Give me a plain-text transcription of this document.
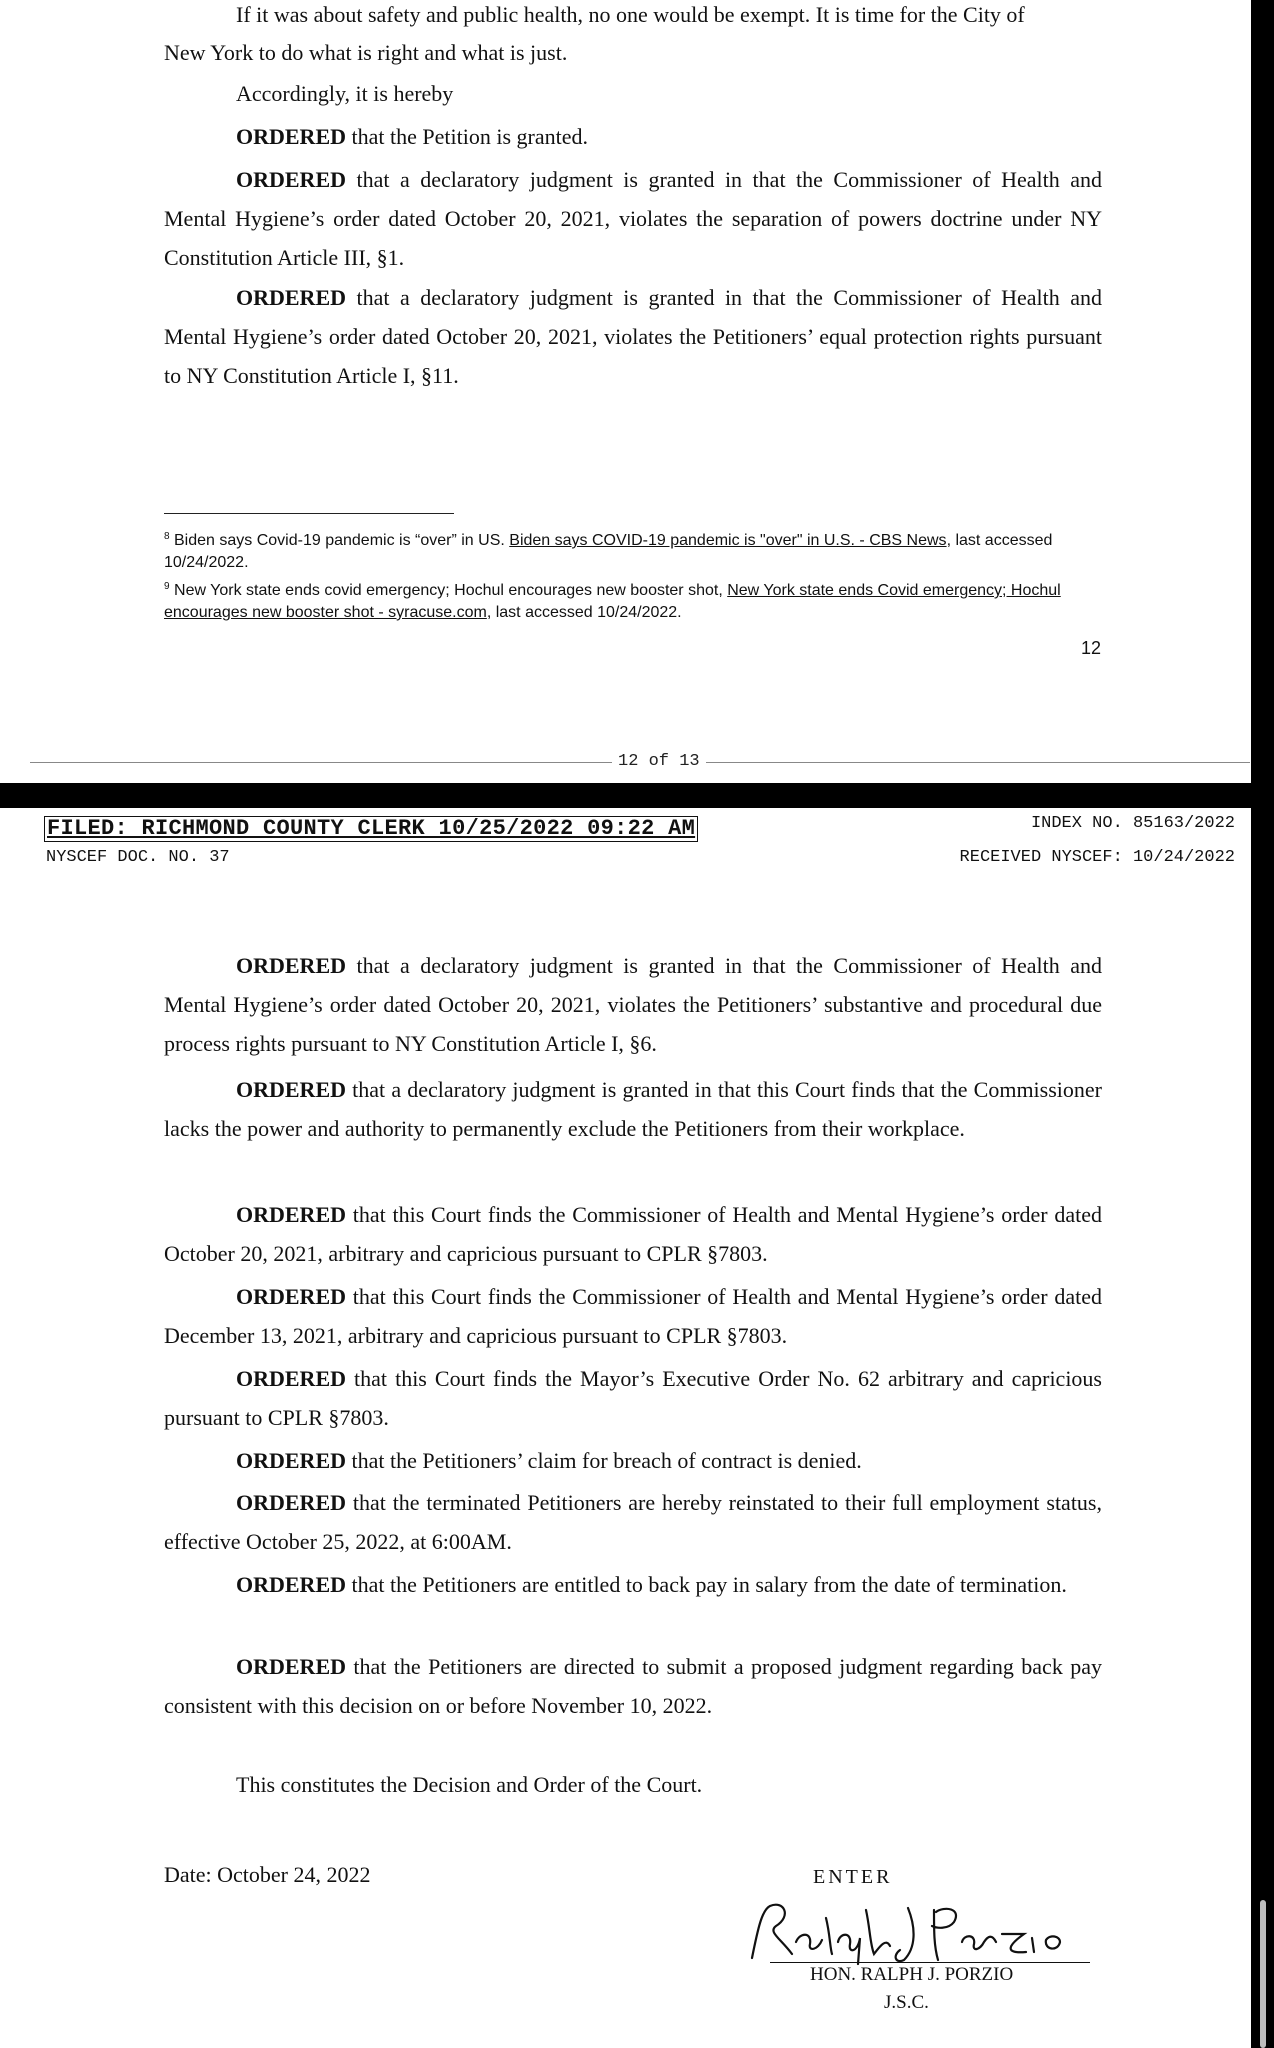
If it was about safety and public health, no one would be exempt. It is time for the City of

New York to do what is right and what is just.

Accordingly, it is hereby

ORDERED that the Petition is granted.

ORDERED that a declaratory judgment is granted in that the Commissioner of Health and Mental Hygiene’s order dated October 20, 2021, violates the separation of powers doctrine under NY Constitution Article III, §1.

ORDERED that a declaratory judgment is granted in that the Commissioner of Health and Mental Hygiene’s order dated October 20, 2021, violates the Petitioners’ equal protection rights pursuant to NY Constitution Article I, §11.

$^8$ Biden says Covid-19 pandemic is “over” in US. Biden says COVID-19 pandemic is "over" in U.S. - CBS News, last accessed 10/24/2022.

$^9$ New York state ends covid emergency; Hochul encourages new booster shot, New York state ends Covid emergency; Hochul encourages new booster shot - syracuse.com, last accessed 10/24/2022.

12
12 of 13
FILED: RICHMOND COUNTY CLERK 10/25/2022 09:22 AM	INDEX NO. 85163/2022
NYSCEF DOC. NO. 37	RECEIVED NYSCEF: 10/24/2022

ORDERED that a declaratory judgment is granted in that the Commissioner of Health and Mental Hygiene’s order dated October 20, 2021, violates the Petitioners’ substantive and procedural due process rights pursuant to NY Constitution Article I, §6.

ORDERED that a declaratory judgment is granted in that this Court finds that the Commissioner lacks the power and authority to permanently exclude the Petitioners from their workplace.

ORDERED that this Court finds the Commissioner of Health and Mental Hygiene’s order dated October 20, 2021, arbitrary and capricious pursuant to CPLR §7803.

ORDERED that this Court finds the Commissioner of Health and Mental Hygiene’s order dated December 13, 2021, arbitrary and capricious pursuant to CPLR §7803.

ORDERED that this Court finds the Mayor’s Executive Order No. 62 arbitrary and capricious pursuant to CPLR §7803.

ORDERED that the Petitioners’ claim for breach of contract is denied.

ORDERED that the terminated Petitioners are hereby reinstated to their full employment status, effective October 25, 2022, at 6:00AM.

ORDERED that the Petitioners are entitled to back pay in salary from the date of termination.

ORDERED that the Petitioners are directed to submit a proposed judgment regarding back pay consistent with this decision on or before November 10, 2022.

This constitutes the Decision and Order of the Court.

Date: October 24, 2022	ENTER
HON. RALPH J. PORZIO
J.S.C.
